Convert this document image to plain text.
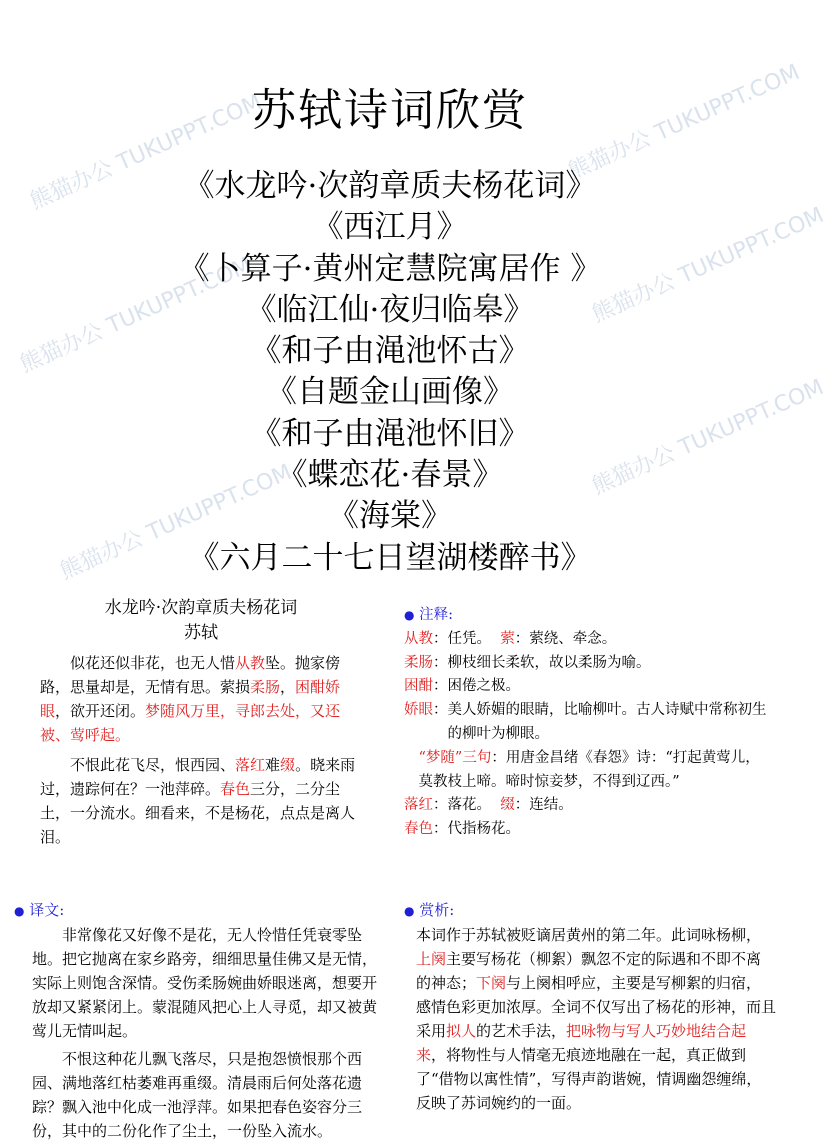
熊猫办公 TUKUPPT.COM
熊猫办公 TUKUPPT.COM
熊猫办公 TUKUPPT.COM
熊猫办公 TUKUPPT.COM
熊猫办公 TUKUPPT.COM
熊猫办公 TUKUPPT.COM
苏轼诗词欣赏
《水龙吟·次韵章质夫杨花词》
《西江月》
《卜算子·黄州定慧院寓居作 》
《临江仙·夜归临皋》
《和子由渑池怀古》
《自题金山画像》
《和子由渑池怀旧》
《蝶恋花·春景》
《海棠》
《六月二十七日望湖楼醉书》
水龙吟·次韵章质夫杨花词
苏轼

似花还似非花，也无人惜从教坠。抛家傍路，思量却是，无情有思。萦损柔肠，困酣娇眼，欲开还闭。梦随风万里，寻郎去处，又还被、莺呼起。

不恨此花飞尽，恨西园、落红难缀。晓来雨过，遗踪何在？一池萍碎。春色三分，二分尘土，一分流水。细看来，不是杨花，点点是离人泪。

● 注释:

从教：任凭。 萦：萦绕、牵念。

柔肠：柳枝细长柔软，故以柔肠为喻。

困酣：困倦之极。

娇眼：美人娇媚的眼睛，比喻柳叶。古人诗赋中常称初生的柳叶为柳眼。

“梦随”三句：用唐金昌绪《春怨》诗：“打起黄莺儿，莫教枝上啼。啼时惊妾梦，不得到辽西。”

落红：落花。 缀：连结。

春色：代指杨花。

● 译文:

非常像花又好像不是花，无人怜惜任凭衰零坠地。把它抛离在家乡路旁，细细思量佳佛又是无情，实际上则饱含深情。受伤柔肠婉曲娇眼迷离，想要开放却又紧紧闭上。蒙混随风把心上人寻觅，却又被黄莺儿无情叫起。

不恨这种花儿飘飞落尽，只是抱怨愤恨那个西园、满地落红枯萎难再重缀。清晨雨后何处落花遗踪？飘入池中化成一池浮萍。如果把春色姿容分三份，其中的二份化作了尘土，一份坠入流水。

● 赏析:

本词作于苏轼被贬谪居黄州的第二年。此词咏杨柳，上阕主要写杨花（柳絮）飘忽不定的际遇和不即不离的神态；下阕与上阕相呼应，主要是写柳絮的归宿，感情色彩更加浓厚。全词不仅写出了杨花的形神，而且采用拟人的艺术手法，把咏物与写人巧妙地结合起来，将物性与人情毫无痕迹地融在一起，真正做到了“借物以寓性情”，写得声韵谐婉，情调幽怨缠绵，反映了苏词婉约的一面。
